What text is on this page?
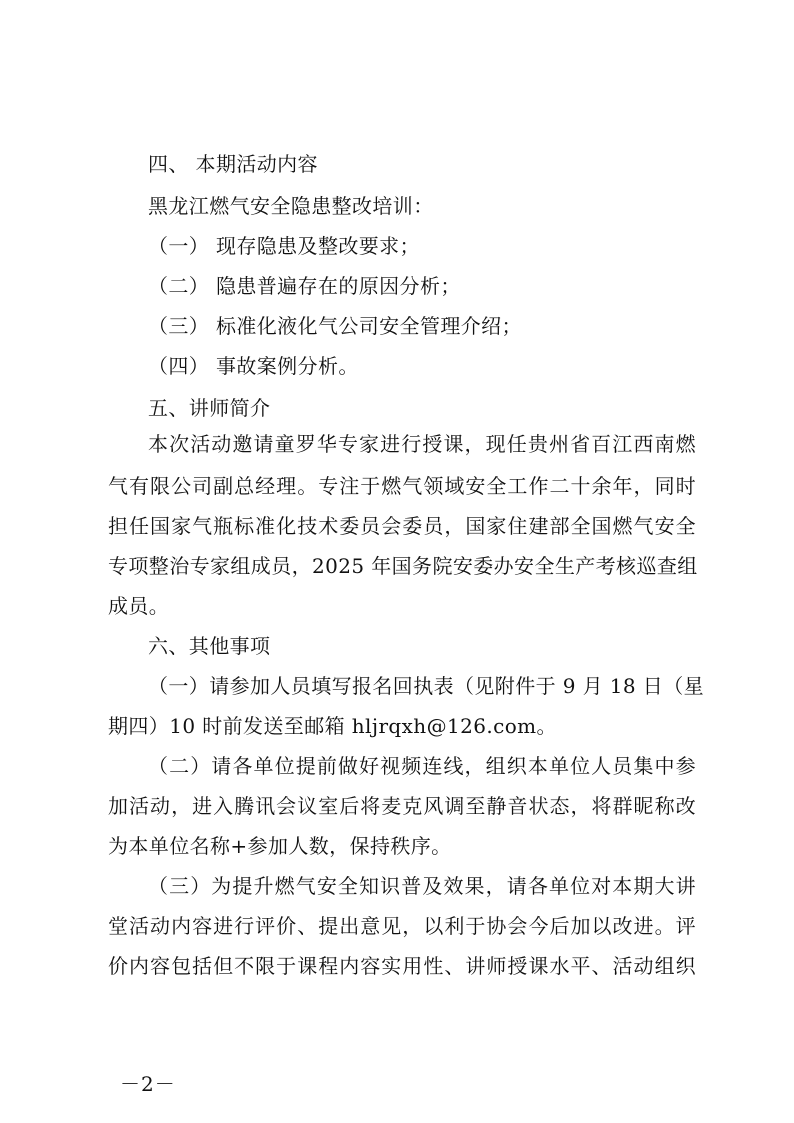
四、 本期活动内容
黑龙江燃气安全隐患整改培训：
（一） 现存隐患及整改要求；
（二） 隐患普遍存在的原因分析；
（三） 标准化液化气公司安全管理介绍；
（四） 事故案例分析。
五、讲师简介
本次活动邀请童罗华专家进行授课，现任贵州省百江西南燃
气有限公司副总经理。专注于燃气领域安全工作二十余年，同时
担任国家气瓶标准化技术委员会委员，国家住建部全国燃气安全
专项整治专家组成员，2025 年国务院安委办安全生产考核巡查组
成员。
六、其他事项
（一）请参加人员填写报名回执表（见附件于 9 月 18 日（星
期四）10 时前发送至邮箱 hljrqxh@126.com。
（二）请各单位提前做好视频连线，组织本单位人员集中参
加活动，进入腾讯会议室后将麦克风调至静音状态，将群昵称改
为本单位名称+参加人数，保持秩序。
（三）为提升燃气安全知识普及效果，请各单位对本期大讲
堂活动内容进行评价、提出意见，以利于协会今后加以改进。评
价内容包括但不限于课程内容实用性、讲师授课水平、活动组织
－2－
